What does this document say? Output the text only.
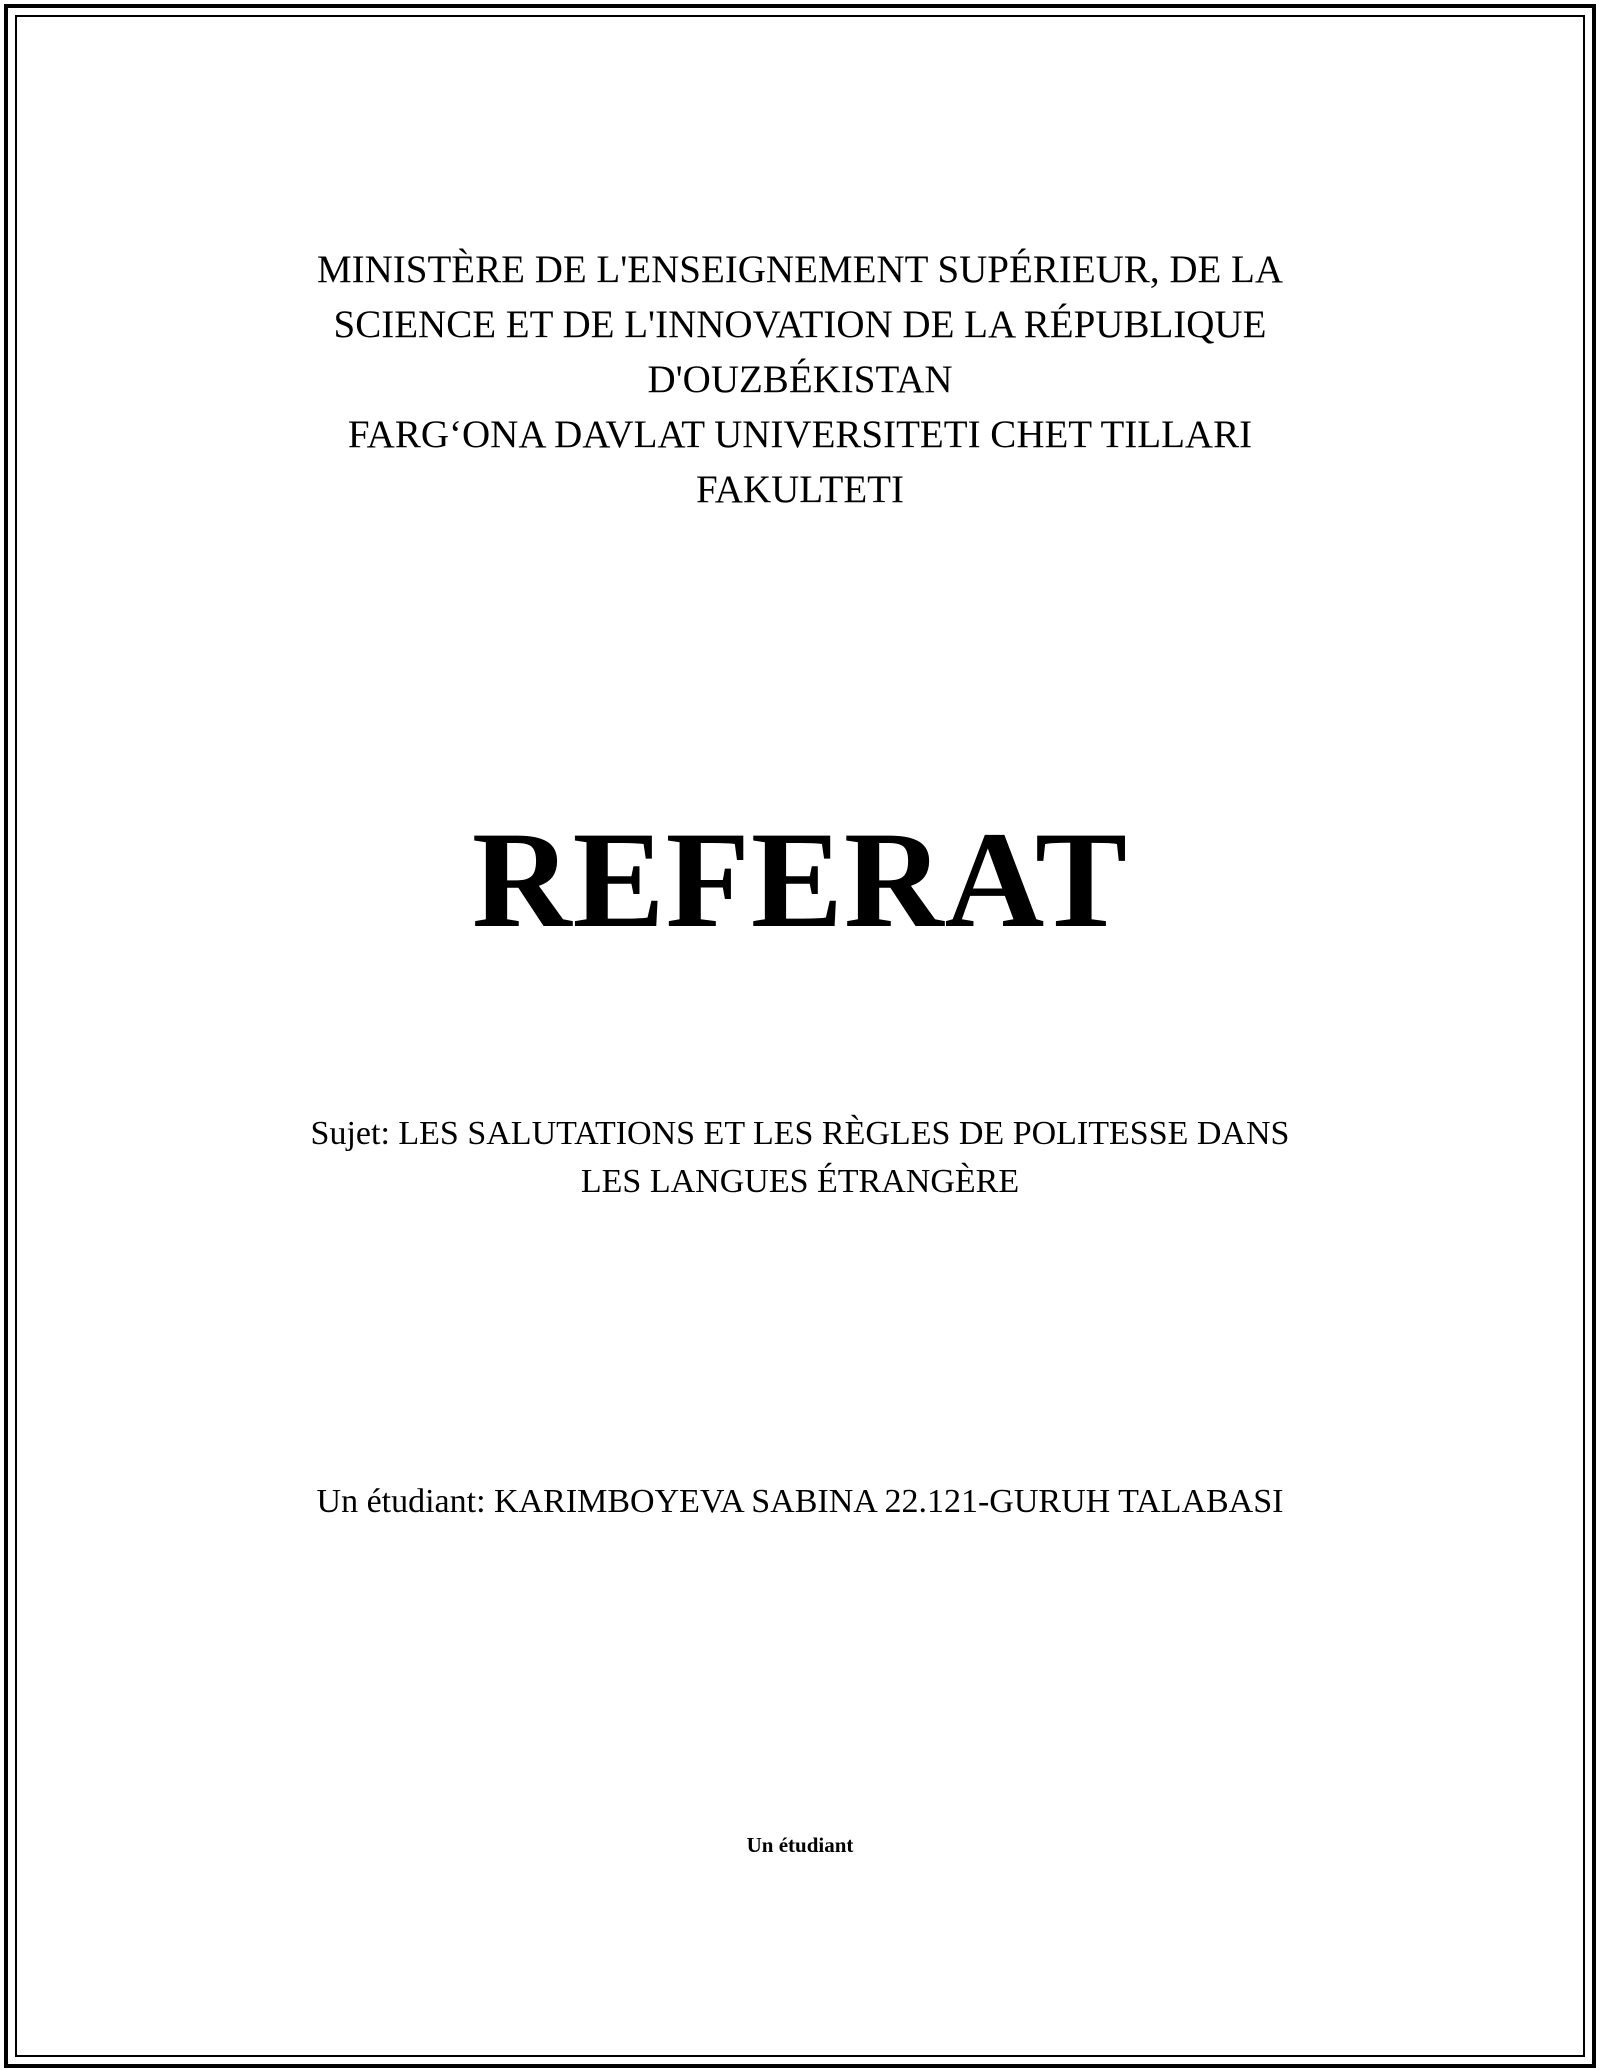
MINISTÈRE DE L'ENSEIGNEMENT SUPÉRIEUR, DE LA
SCIENCE ET DE L'INNOVATION DE LA RÉPUBLIQUE
D'OUZBÉKISTAN
FARG‘ONA DAVLAT UNIVERSITETI CHET TILLARI
FAKULTETI
REFERAT
Sujet: LES SALUTATIONS ET LES RÈGLES DE POLITESSE DANS
LES LANGUES ÉTRANGÈRE
Un étudiant: KARIMBOYEVA SABINA 22.121-GURUH TALABASI
Un étudiant
